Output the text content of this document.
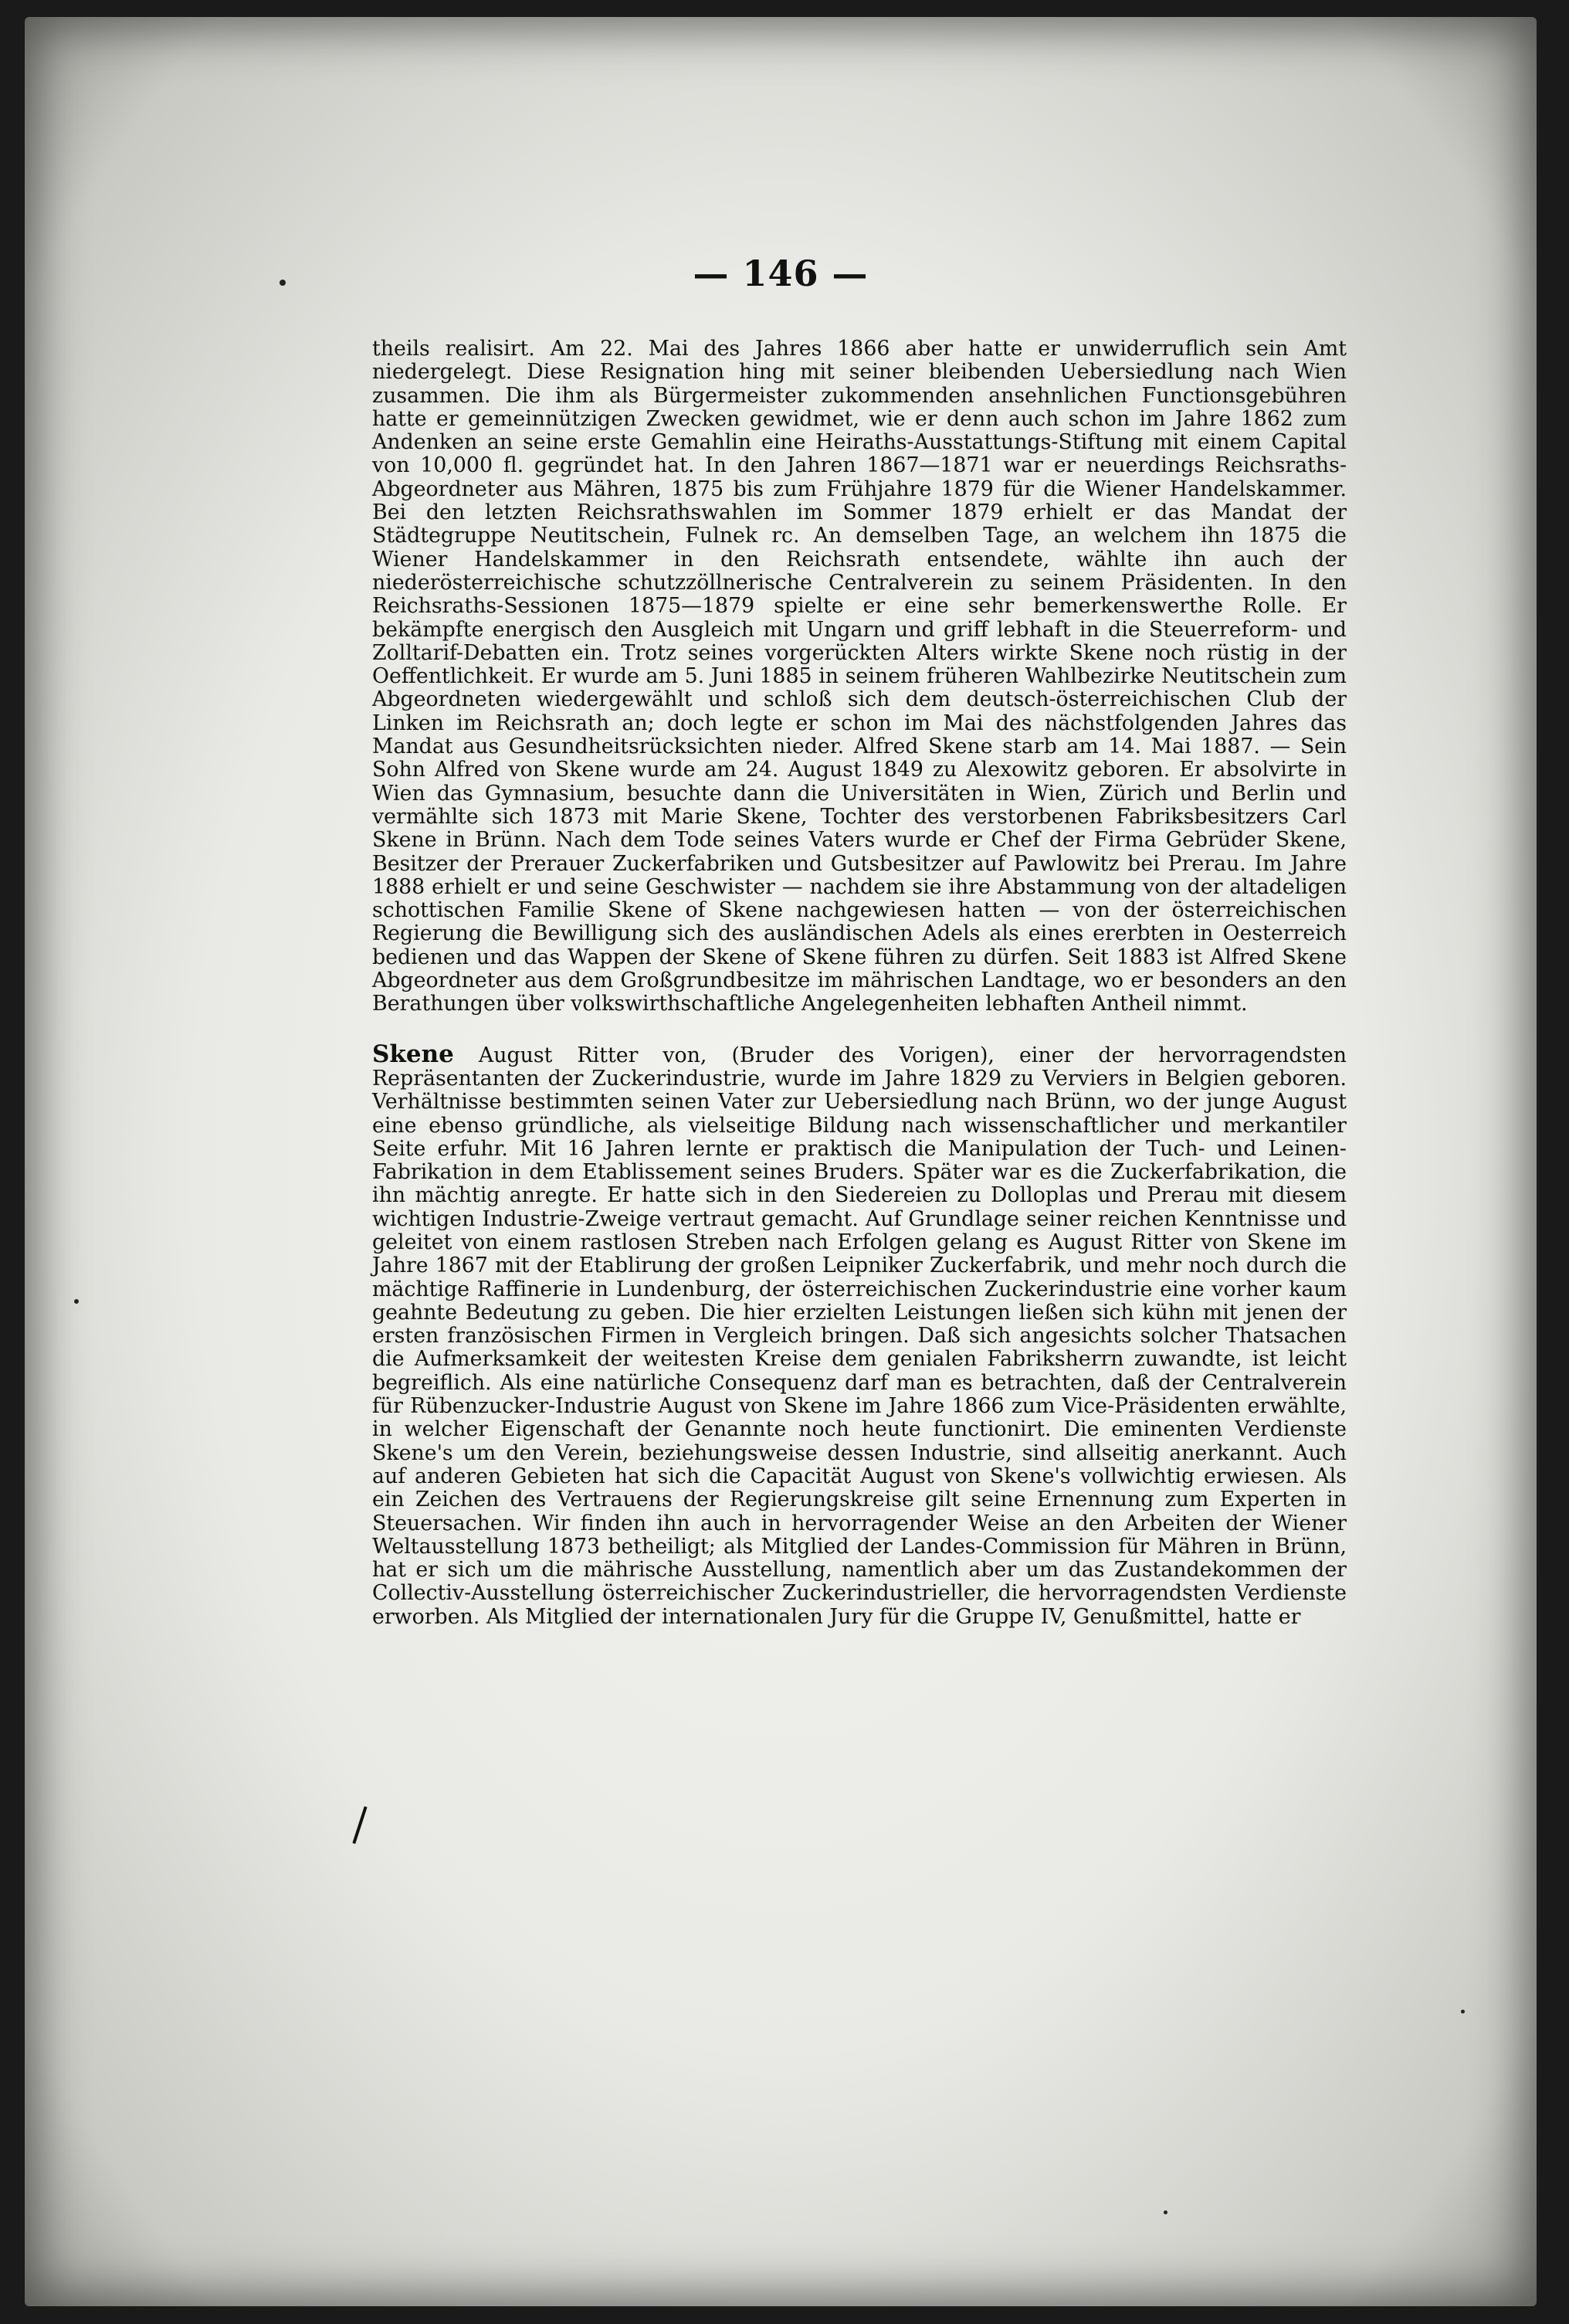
— 146 —

theils realisirt. Am 22. Mai des Jahres 1866 aber hatte er unwiderruflich sein Amt niedergelegt. Diese Resignation hing mit seiner bleibenden Uebersiedlung nach Wien zusammen. Die ihm als Bürgermeister zukommenden ansehnlichen Functionsgebühren hatte er gemeinnützigen Zwecken gewidmet, wie er denn auch schon im Jahre 1862 zum Andenken an seine erste Gemahlin eine Heiraths-Ausstattungs-Stiftung mit einem Capital von 10,000 fl. gegründet hat. In den Jahren 1867—1871 war er neuerdings Reichsraths-Abgeordneter aus Mähren, 1875 bis zum Frühjahre 1879 für die Wiener Handelskammer. Bei den letzten Reichsrathswahlen im Sommer 1879 erhielt er das Mandat der Städtegruppe Neutitschein, Fulnek rc. An demselben Tage, an welchem ihn 1875 die Wiener Handelskammer in den Reichsrath entsendete, wählte ihn auch der niederösterreichische schutzzöllnerische Centralverein zu seinem Präsidenten. In den Reichsraths-Sessionen 1875—1879 spielte er eine sehr bemerkenswerthe Rolle. Er bekämpfte energisch den Ausgleich mit Ungarn und griff lebhaft in die Steuerreform- und Zolltarif-Debatten ein. Trotz seines vorgerückten Alters wirkte Skene noch rüstig in der Oeffentlichkeit. Er wurde am 5. Juni 1885 in seinem früheren Wahlbezirke Neutitschein zum Abgeordneten wiedergewählt und schloß sich dem deutsch-österreichischen Club der Linken im Reichsrath an; doch legte er schon im Mai des nächstfolgenden Jahres das Mandat aus Gesundheitsrücksichten nieder. Alfred Skene starb am 14. Mai 1887. — Sein Sohn Alfred von Skene wurde am 24. August 1849 zu Alexowitz geboren. Er absolvirte in Wien das Gymnasium, besuchte dann die Universitäten in Wien, Zürich und Berlin und vermählte sich 1873 mit Marie Skene, Tochter des verstorbenen Fabriksbesitzers Carl Skene in Brünn. Nach dem Tode seines Vaters wurde er Chef der Firma Gebrüder Skene, Besitzer der Prerauer Zuckerfabriken und Gutsbesitzer auf Pawlowitz bei Prerau. Im Jahre 1888 erhielt er und seine Geschwister — nachdem sie ihre Abstammung von der altadeligen schottischen Familie Skene of Skene nachgewiesen hatten — von der österreichischen Regierung die Bewilligung sich des ausländischen Adels als eines ererbten in Oesterreich bedienen und das Wappen der Skene of Skene führen zu dürfen. Seit 1883 ist Alfred Skene Abgeordneter aus dem Großgrundbesitze im mährischen Landtage, wo er besonders an den Berathungen über volkswirthschaftliche Angelegenheiten lebhaften Antheil nimmt.

Skene August Ritter von, (Bruder des Vorigen), einer der hervorragendsten Repräsentanten der Zuckerindustrie, wurde im Jahre 1829 zu Verviers in Belgien geboren. Verhältnisse bestimmten seinen Vater zur Uebersiedlung nach Brünn, wo der junge August eine ebenso gründliche, als vielseitige Bildung nach wissenschaftlicher und merkantiler Seite erfuhr. Mit 16 Jahren lernte er praktisch die Manipulation der Tuch- und Leinen-Fabrikation in dem Etablissement seines Bruders. Später war es die Zuckerfabrikation, die ihn mächtig anregte. Er hatte sich in den Siedereien zu Dolloplas und Prerau mit diesem wichtigen Industrie-Zweige vertraut gemacht. Auf Grundlage seiner reichen Kenntnisse und geleitet von einem rastlosen Streben nach Erfolgen gelang es August Ritter von Skene im Jahre 1867 mit der Etablirung der großen Leipniker Zuckerfabrik, und mehr noch durch die mächtige Raffinerie in Lundenburg, der österreichischen Zuckerindustrie eine vorher kaum geahnte Bedeutung zu geben. Die hier erzielten Leistungen ließen sich kühn mit jenen der ersten französischen Firmen in Vergleich bringen. Daß sich angesichts solcher Thatsachen die Aufmerksamkeit der weitesten Kreise dem genialen Fabriksherrn zuwandte, ist leicht begreiflich. Als eine natürliche Consequenz darf man es betrachten, daß der Centralverein für Rübenzucker-Industrie August von Skene im Jahre 1866 zum Vice-Präsidenten erwählte, in welcher Eigenschaft der Genannte noch heute functionirt. Die eminenten Verdienste Skene's um den Verein, beziehungsweise dessen Industrie, sind allseitig anerkannt. Auch auf anderen Gebieten hat sich die Capacität August von Skene's vollwichtig erwiesen. Als ein Zeichen des Vertrauens der Regierungskreise gilt seine Ernennung zum Experten in Steuersachen. Wir finden ihn auch in hervorragender Weise an den Arbeiten der Wiener Weltausstellung 1873 betheiligt; als Mitglied der Landes-Commission für Mähren in Brünn, hat er sich um die mährische Ausstellung, namentlich aber um das Zustandekommen der Collectiv-Ausstellung österreichischer Zuckerindustrieller, die hervorragendsten Verdienste erworben. Als Mitglied der internationalen Jury für die Gruppe IV, Genußmittel, hatte er
